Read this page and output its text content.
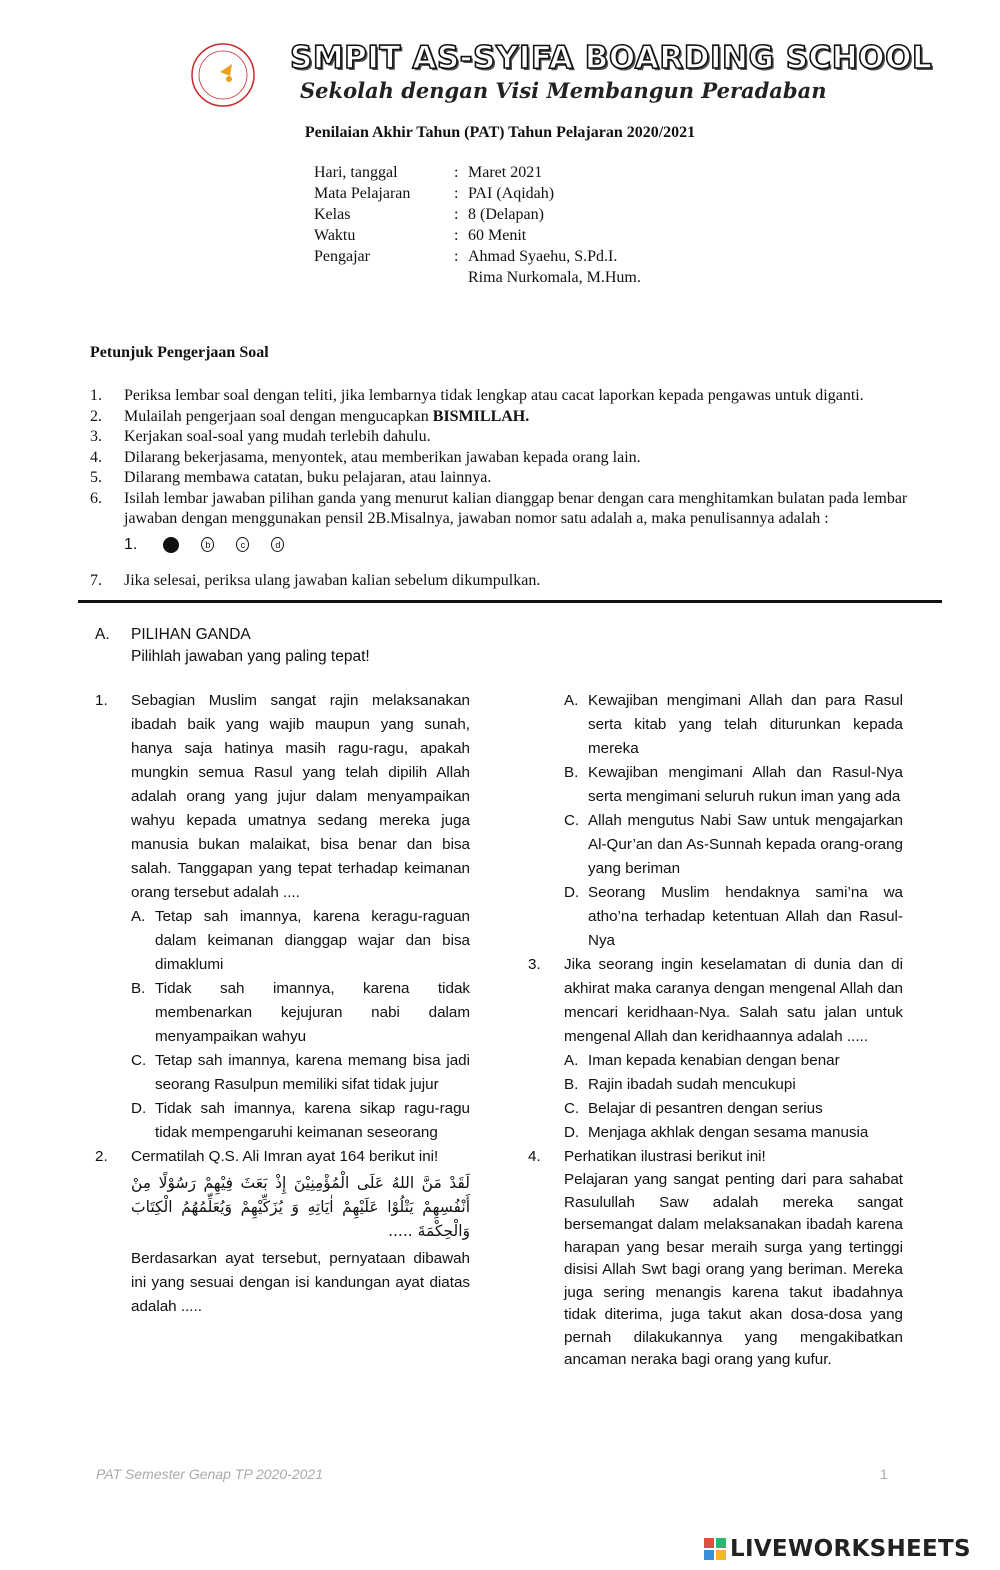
SMPIT AS-SYIFA BOARDING SCHOOL
Sekolah dengan Visi Membangun Peradaban
Penilaian Akhir Tahun (PAT) Tahun Pelajaran 2020/2021
Hari, tanggal	: Maret 2021
Mata Pelajaran	: PAI (Aqidah)
Kelas	: 8 (Delapan)
Waktu	: 60 Menit
Pengajar	: Ahmad Syaehu, S.Pd.I.
Rima Nurkomala, M.Hum.
Petunjuk Pengerjaan Soal
1.	Periksa lembar soal dengan teliti, jika lembarnya tidak lengkap atau cacat laporkan kepada pengawas untuk diganti.
2.	Mulailah pengerjaan soal dengan mengucapkan BISMILLAH.
3.	Kerjakan soal-soal yang mudah terlebih dahulu.
4.	Dilarang bekerjasama, menyontek, atau memberikan jawaban kepada orang lain.
5.	Dilarang membawa catatan, buku pelajaran, atau lainnya.
6.	Isilah lembar jawaban pilihan ganda yang menurut kalian dianggap benar dengan cara menghitamkan bulatan pada lembar jawaban dengan menggunakan pensil 2B.Misalnya, jawaban nomor satu adalah a, maka penulisannya adalah :
1.	b	c	d
7.	Jika selesai, periksa ulang jawaban kalian sebelum dikumpulkan.
A.	PILIHAN GANDA
Pilihlah jawaban yang paling tepat!
1.	Sebagian Muslim sangat rajin melaksanakan ibadah baik yang wajib maupun yang sunah, hanya saja hatinya masih ragu-ragu, apakah mungkin semua Rasul yang telah dipilih Allah adalah orang yang jujur dalam menyampaikan wahyu kepada umatnya sedang mereka juga manusia bukan malaikat, bisa benar dan bisa salah. Tanggapan yang tepat terhadap keimanan orang tersebut adalah ....
A. Tetap sah imannya, karena keragu-raguan dalam keimanan dianggap wajar dan bisa dimaklumi
B. Tidak sah imannya, karena tidak membenarkan kejujuran nabi dalam menyampaikan wahyu
C. Tetap sah imannya, karena memang bisa jadi seorang Rasulpun memiliki sifat tidak jujur
D. Tidak sah imannya, karena sikap ragu-ragu tidak mempengaruhi keimanan seseorang
2.	Cermatilah Q.S. Ali Imran ayat 164 berikut ini!
لَقَدْ مَنَّ اللهُ عَلَى الْمُؤْمِنِيْنَ إِذْ بَعَثَ فِيْهِمْ رَسُوْلًا مِنْ أَنْفُسِهِمْ يَتْلُوْا عَلَيْهِمْ اٰيَاتِهِ وَ يُزَكِّيْهِمْ وَيُعَلِّمُهُمُ الْكِتَابَ وَالْحِكْمَةَ .....
Berdasarkan ayat tersebut, pernyataan dibawah ini yang sesuai dengan isi kandungan ayat diatas adalah .....
A. Kewajiban mengimani Allah dan para Rasul serta kitab yang telah diturunkan kepada mereka
B. Kewajiban mengimani Allah dan Rasul-Nya serta mengimani seluruh rukun iman yang ada
C. Allah mengutus Nabi Saw untuk mengajarkan Al-Qur’an dan As-Sunnah kepada orang-orang yang beriman
D. Seorang Muslim hendaknya sami’na wa atho’na terhadap ketentuan Allah dan Rasul-Nya
3.	Jika seorang ingin keselamatan di dunia dan di akhirat maka caranya dengan mengenal Allah dan mencari keridhaan-Nya. Salah satu jalan untuk mengenal Allah dan keridhaannya adalah .....
A. Iman kepada kenabian dengan benar
B. Rajin ibadah sudah mencukupi
C. Belajar di pesantren dengan serius
D. Menjaga akhlak dengan sesama manusia
4.	Perhatikan ilustrasi berikut ini!
Pelajaran yang sangat penting dari para sahabat Rasulullah Saw adalah mereka sangat bersemangat dalam melaksanakan ibadah karena harapan yang besar meraih surga yang tertinggi disisi Allah Swt bagi orang yang beriman. Mereka juga sering menangis karena takut ibadahnya tidak diterima, juga takut akan dosa-dosa yang pernah dilakukannya yang mengakibatkan ancaman neraka bagi orang yang kufur.
PAT Semester Genap TP 2020-2021	1
LIVEWORKSHEETS
